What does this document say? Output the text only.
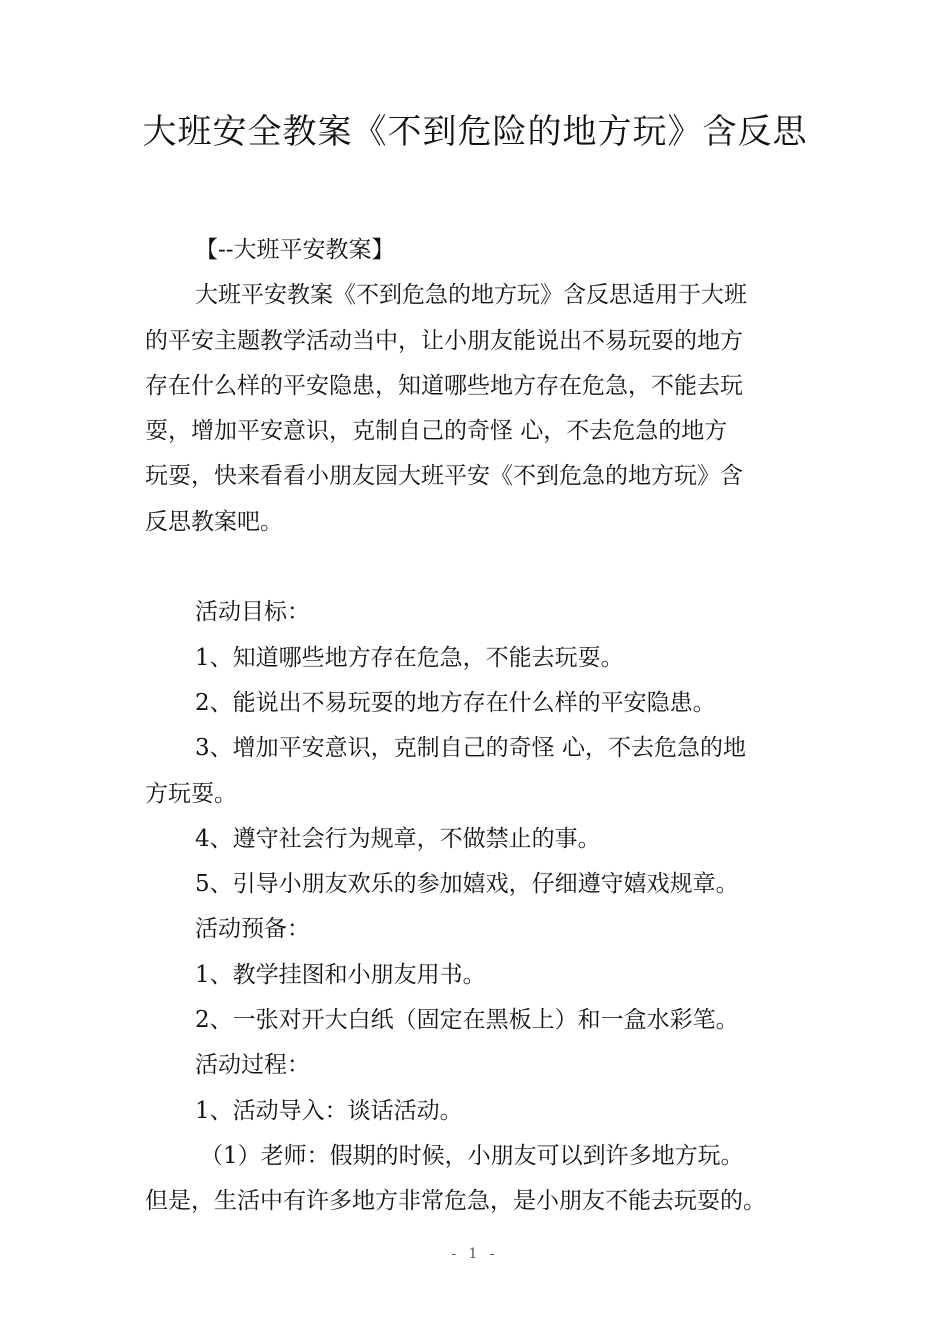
大班安全教案《不到危险的地方玩》含反思
【--大班平安教案】
大班平安教案《不到危急的地方玩》含反思适用于大班
的平安主题教学活动当中，让小朋友能说出不易玩耍的地方
存在什么样的平安隐患，知道哪些地方存在危急，不能去玩
耍，增加平安意识，克制自己的奇怪 心，不去危急的地方
玩耍，快来看看小朋友园大班平安《不到危急的地方玩》含
反思教案吧。
活动目标：
1、知道哪些地方存在危急，不能去玩耍。
2、能说出不易玩耍的地方存在什么样的平安隐患。
3、增加平安意识，克制自己的奇怪 心，不去危急的地
方玩耍。
4、遵守社会行为规章，不做禁止的事。
5、引导小朋友欢乐的参加嬉戏，仔细遵守嬉戏规章。
活动预备：
1、教学挂图和小朋友用书。
2、一张对开大白纸（固定在黑板上）和一盒水彩笔。
活动过程：
1、活动导入：谈话活动。
（1）老师：假期的时候，小朋友可以到许多地方玩。
但是，生活中有许多地方非常危急，是小朋友不能去玩耍的。
- 1 -
